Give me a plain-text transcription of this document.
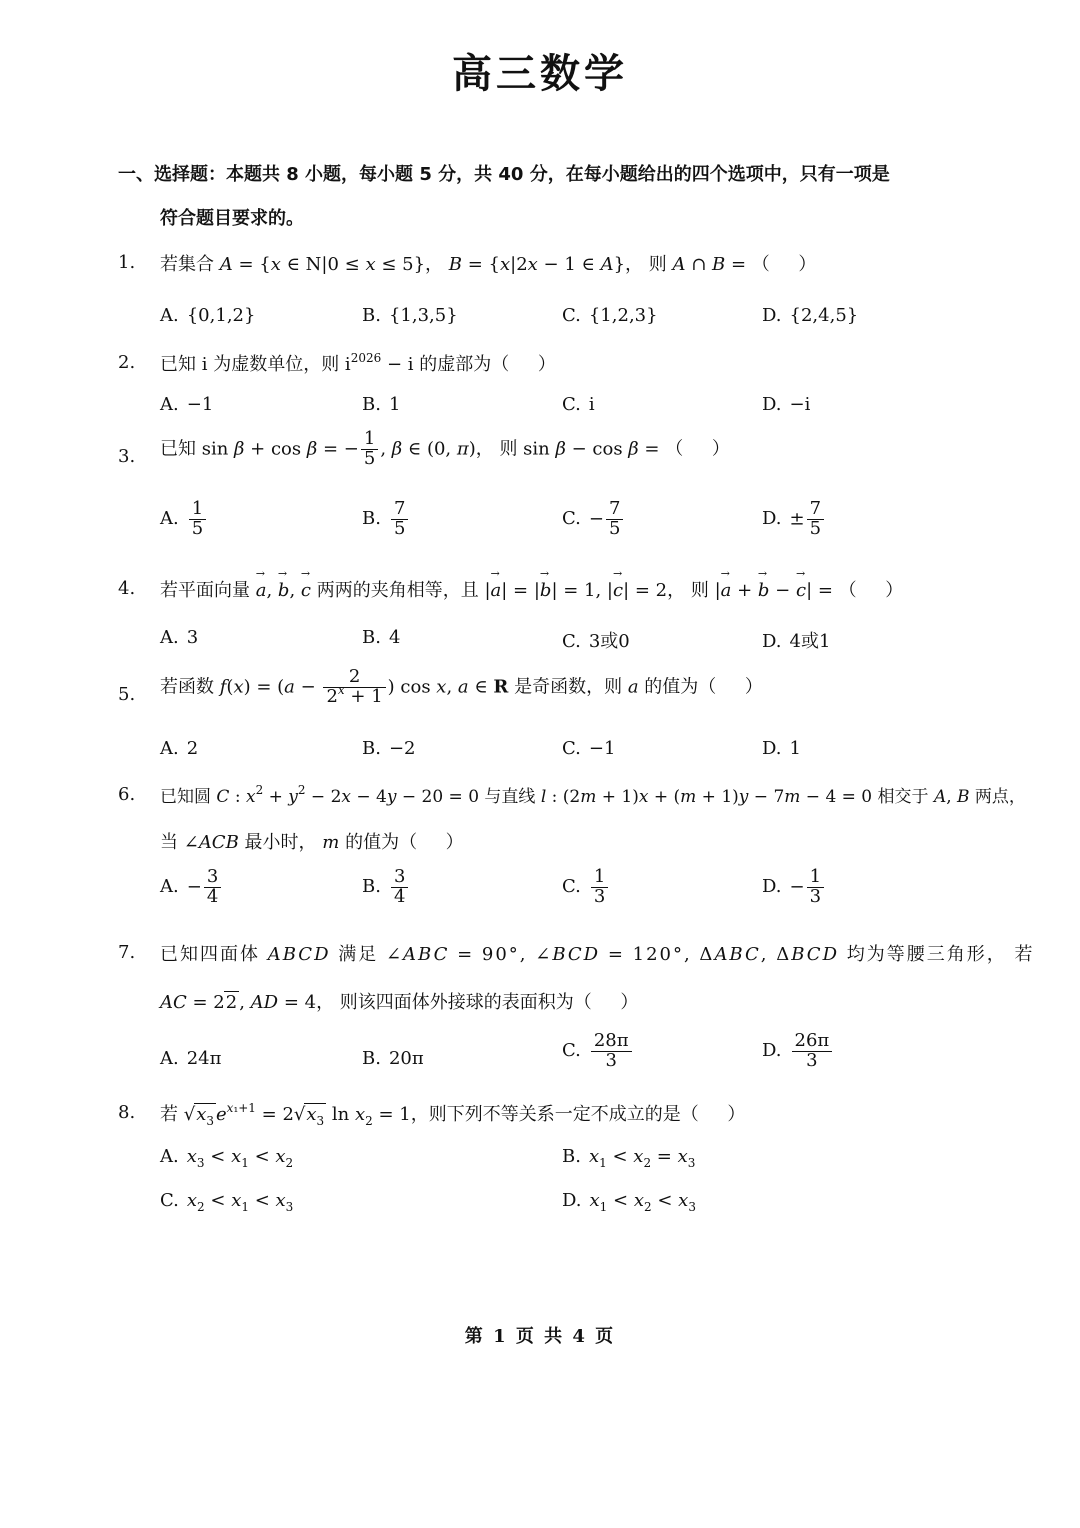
高三数学
一、选择题：本题共 8 小题，每小题 5 分，共 40 分，在每小题给出的四个选项中，只有一项是
符合题目要求的。
1. 若集合 A = {x ∈ N|0 ≤ x ≤ 5}， B = {x|2x − 1 ∈ A}， 则 A ∩ B = （     ）
A. {0,1,2}	B. {1,3,5}	C. {1,2,3}	D. {2,4,5}
2. 已知 i 为虚数单位，则 $i^{2026} - i$ 的虚部为（     ）
A. −1	B. 1	C. i	D. −i
3. 已知 sin β + cos β = − $\frac{1}{5}$ , β ∈ (0, π)， 则 sin β − cos β = （     ）
A. $\frac{1}{5}$	B. $\frac{7}{5}$	C. − $\frac{7}{5}$	D. ± $\frac{7}{5}$
4. 若平面向量 → a, → b, → c 两两的夹角相等，且 |→ a| = |→ b| = 1, |→ c| = 2， 则 |→ a + → b − → c| = （     ）
A. 3	B. 4	C. 3或0	D. 4或1
5. 若函数 $f(x) = (a - \frac{2}{2^x + 1}$ ) cos x, a ∈ R 是奇函数，则 a 的值为（     ）
A. 2	B. −2	C. −1	D. 1
6. 已知圆 C : $x^2 + y^2 - 2x - 4y - 20 = 0$ 与直线 l : (2m + 1)x + (m + 1)y − 7m − 4 = 0 相交于 A, B 两点，
当 ∠ACB 最小时， m 的值为（     ）
A. − $\frac{3}{4}$	B. $\frac{3}{4}$	C. $\frac{1}{3}$	D. − $\frac{1}{3}$
7. 已知四面体 ABCD 满足 ∠ABC = 90°, ∠BCD = 120°, ΔABC, ΔBCD 均为等腰三角形， 若
AC = 22 , AD = 4， 则该四面体外接球的表面积为（     ）
A. 24π	B. 20π	C. $\frac{28\pi}{3}$	D. $\frac{26\pi}{3}$
8. 若 $√x_3$ $e^{x_1+1} = 2√x_3$ $\ln x_2 = 1$，则下列不等关系一定不成立的是（     ）
A. $x_3 < x_1 < x_2$	B. $x_1 < x_2 = x_3$
C. $x_2 < x_1 < x_3$	D. $x_1 < x_2 < x_3$
第 1 页 共 4 页
